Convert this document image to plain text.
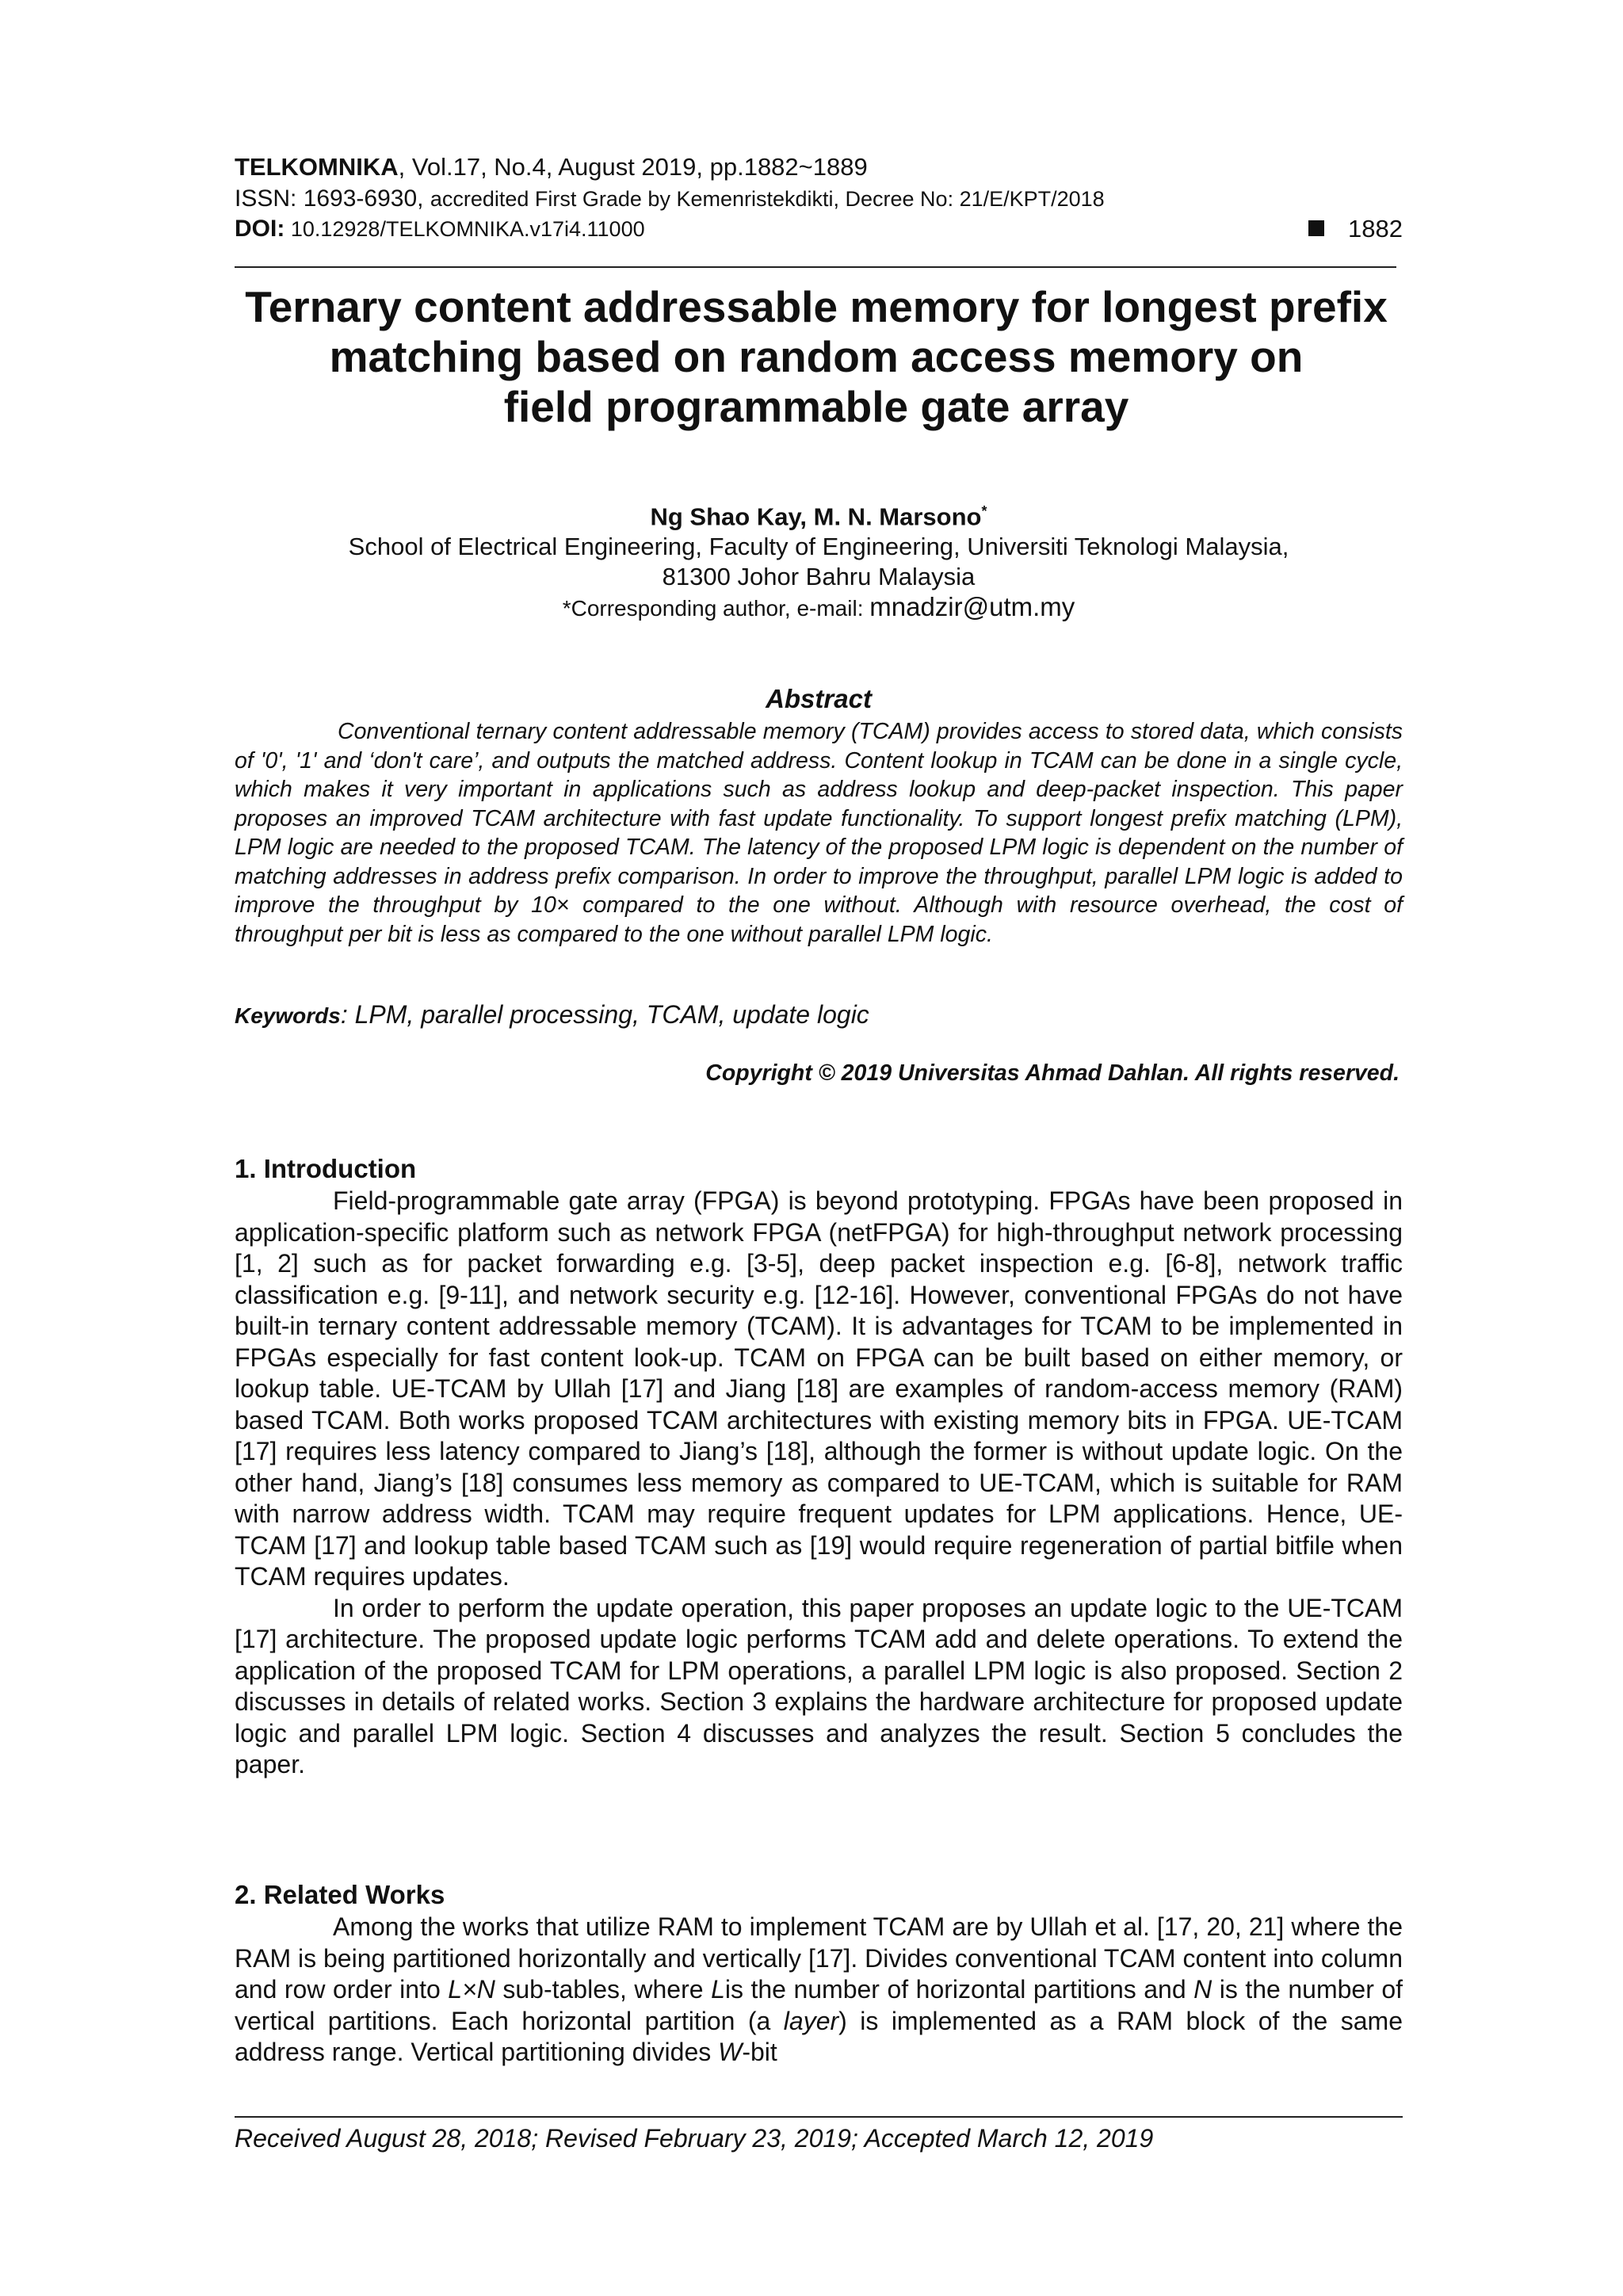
TELKOMNIKA, Vol.17, No.4, August 2019, pp.1882~1889
ISSN: 1693-6930, accredited First Grade by Kemenristekdikti, Decree No: 21/E/KPT/2018
DOI: 10.12928/TELKOMNIKA.v17i4.11000	1882
Ternary content addressable memory for longest prefix
matching based on random access memory on
field programmable gate array
Ng Shao Kay, M. N. Marsono*
School of Electrical Engineering, Faculty of Engineering, Universiti Teknologi Malaysia,
81300 Johor Bahru Malaysia
*Corresponding author, e-mail: mnadzir@utm.my
Abstract
Conventional ternary content addressable memory (TCAM) provides access to stored data, which consists of '0', '1' and ‘don't care’, and outputs the matched address. Content lookup in TCAM can be done in a single cycle, which makes it very important in applications such as address lookup and deep-packet inspection. This paper proposes an improved TCAM architecture with fast update functionality. To support longest prefix matching (LPM), LPM logic are needed to the proposed TCAM. The latency of the proposed LPM logic is dependent on the number of matching addresses in address prefix comparison. In order to improve the throughput, parallel LPM logic is added to improve the throughput by 10× compared to the one without. Although with resource overhead, the cost of throughput per bit is less as compared to the one without parallel LPM logic.
Keywords: LPM, parallel processing, TCAM, update logic
Copyright © 2019 Universitas Ahmad Dahlan. All rights reserved.
1. Introduction

Field-programmable gate array (FPGA) is beyond prototyping. FPGAs have been proposed in application-specific platform such as network FPGA (netFPGA) for high-throughput network processing [1, 2] such as for packet forwarding e.g. [3-5], deep packet inspection e.g. [6-8], network traffic classification e.g. [9-11], and network security e.g. [12-16]. However, conventional FPGAs do not have built-in ternary content addressable memory (TCAM). It is advantages for TCAM to be implemented in FPGAs especially for fast content look-up. TCAM on FPGA can be built based on either memory, or lookup table. UE-TCAM by Ullah [17] and Jiang [18] are examples of random-access memory (RAM) based TCAM. Both works proposed TCAM architectures with existing memory bits in FPGA. UE-TCAM [17] requires less latency compared to Jiang’s [18], although the former is without update logic. On the other hand, Jiang’s [18] consumes less memory as compared to UE-TCAM, which is suitable for RAM with narrow address width. TCAM may require frequent updates for LPM applications. Hence, UE-TCAM [17] and lookup table based TCAM such as [19] would require regeneration of partial bitfile when TCAM requires updates.

In order to perform the update operation, this paper proposes an update logic to the UE-TCAM [17] architecture. The proposed update logic performs TCAM add and delete operations. To extend the application of the proposed TCAM for LPM operations, a parallel LPM logic is also proposed. Section 2 discusses in details of related works. Section 3 explains the hardware architecture for proposed update logic and parallel LPM logic. Section 4 discusses and analyzes the result. Section 5 concludes the paper.

2. Related Works

Among the works that utilize RAM to implement TCAM are by Ullah et al. [17, 20, 21] where the RAM is being partitioned horizontally and vertically [17]. Divides conventional TCAM content into column and row order into L×N sub-tables, where Lis the number of horizontal partitions and N is the number of vertical partitions. Each horizontal partition (a layer) is implemented as a RAM block of the same address range. Vertical partitioning divides W-bit

Received August 28, 2018; Revised February 23, 2019; Accepted March 12, 2019
